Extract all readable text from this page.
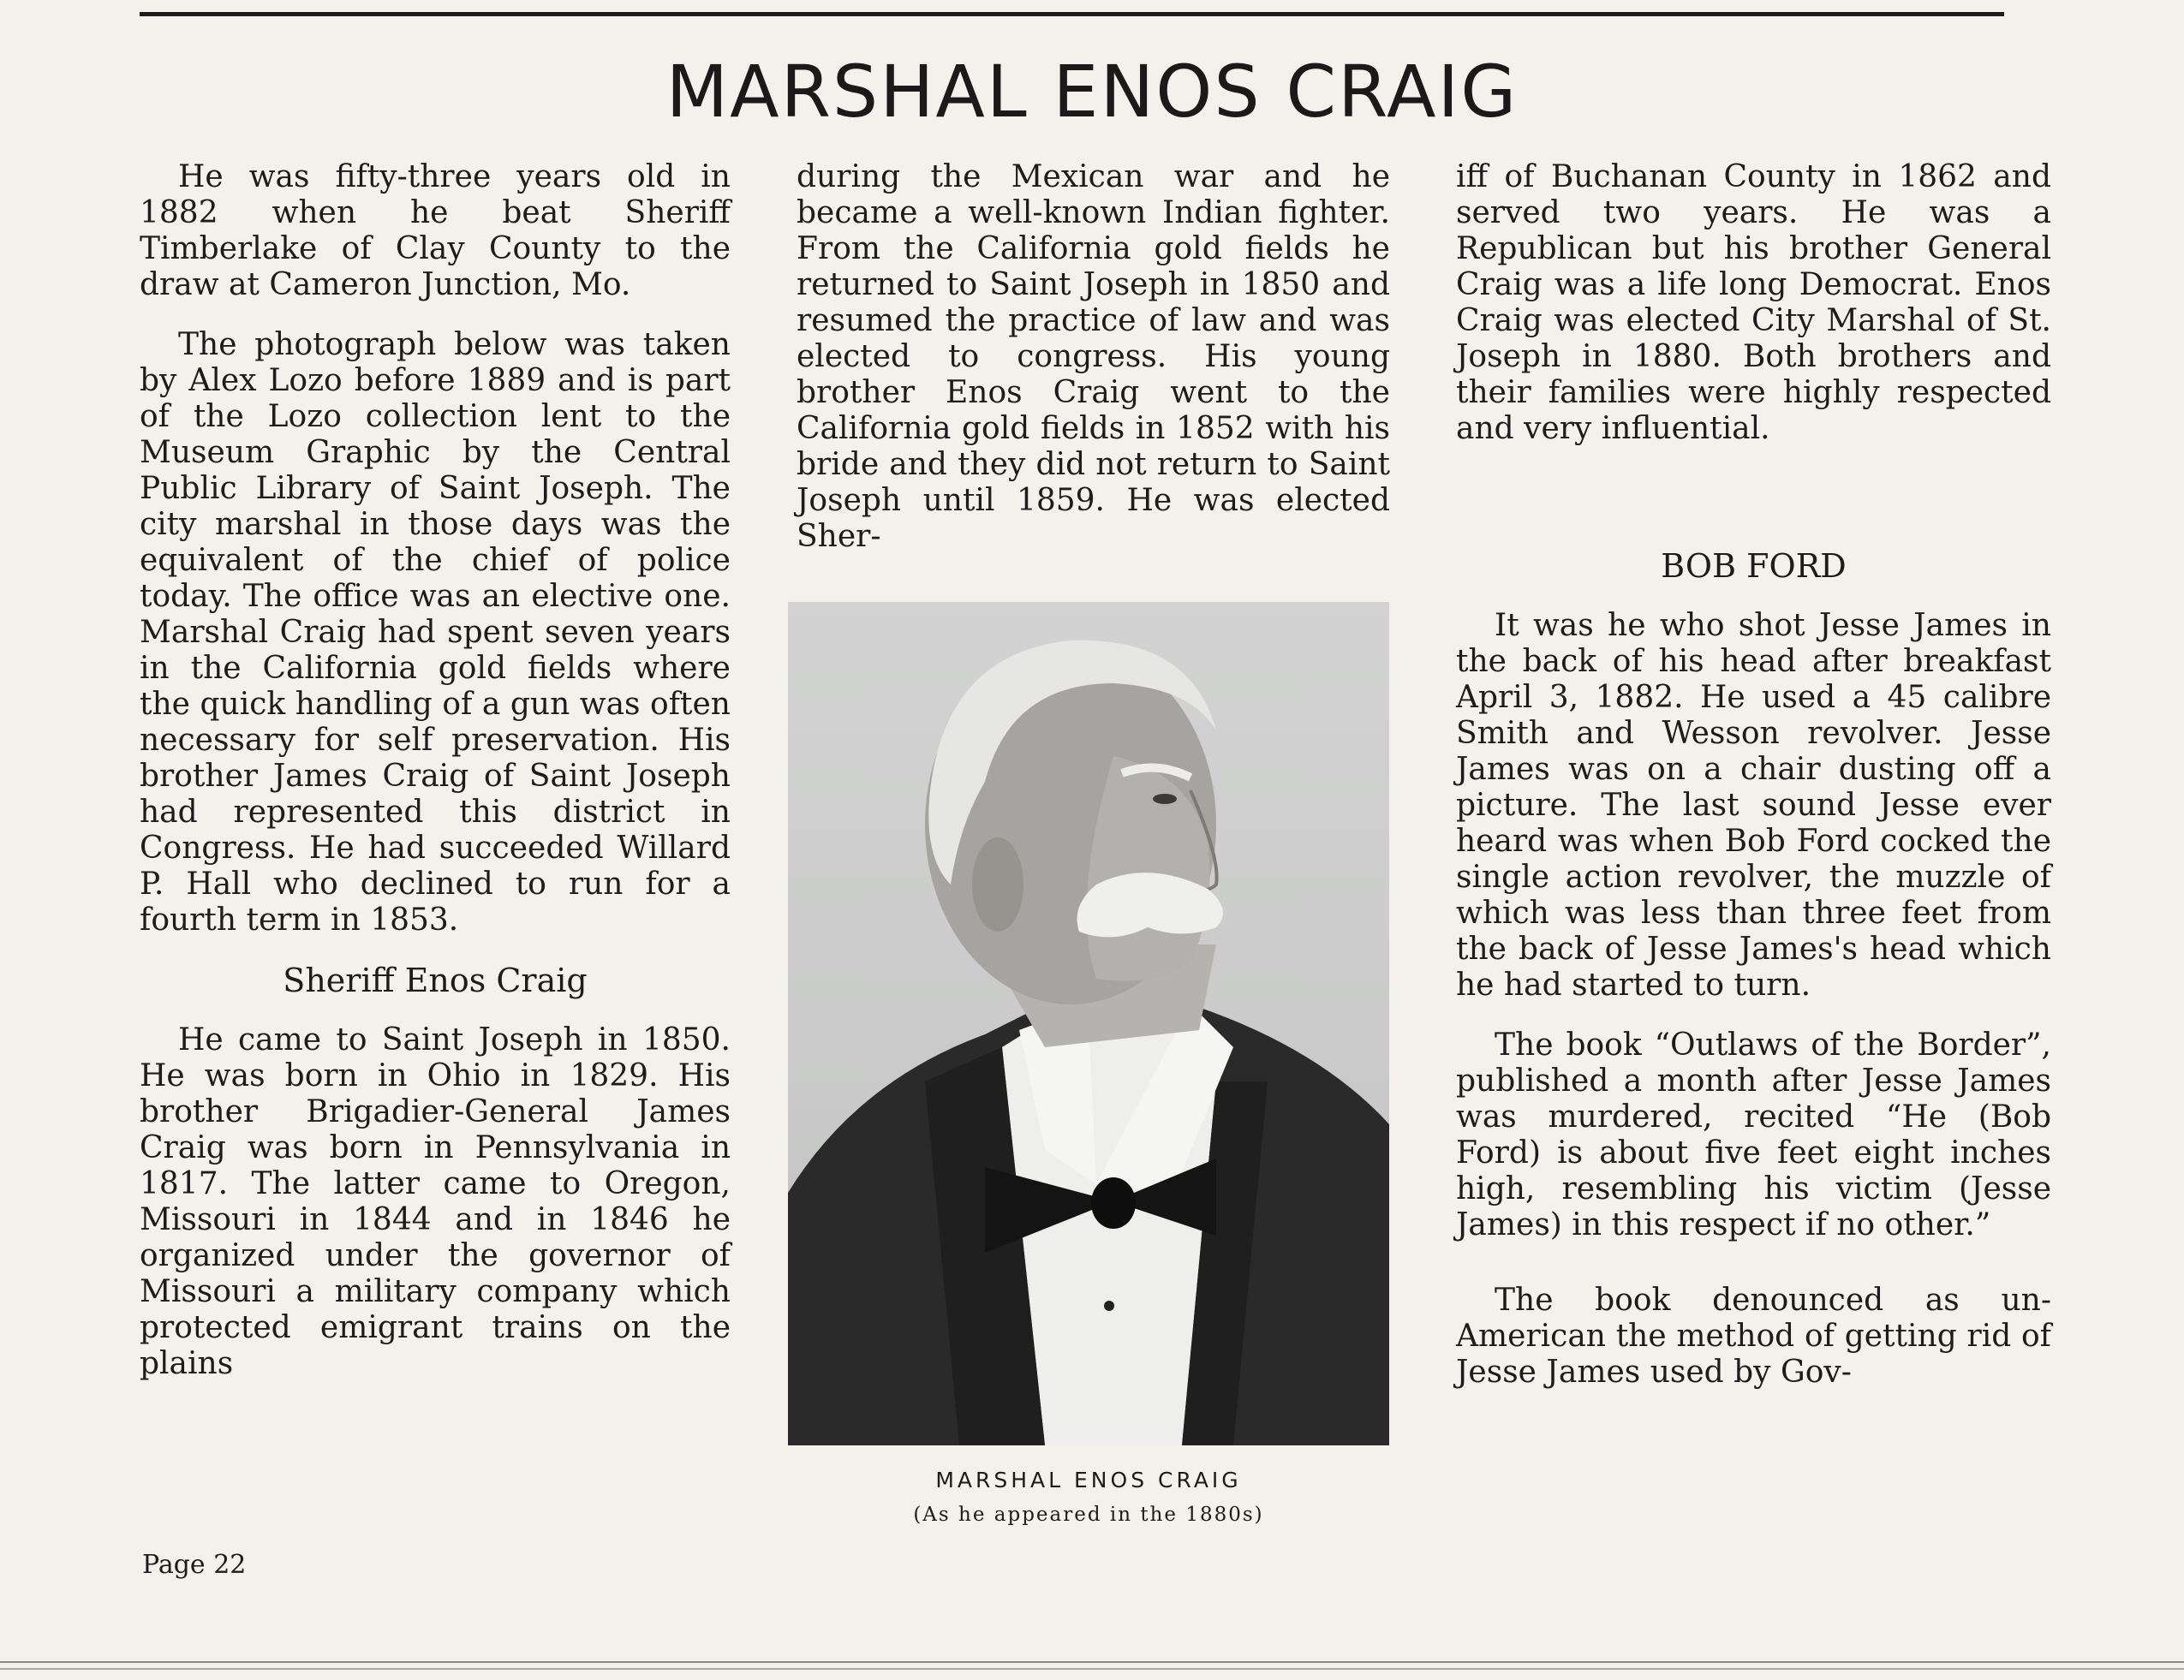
MARSHAL ENOS CRAIG

He was fifty-three years old in 1882 when he beat Sheriff Timberlake of Clay County to the draw at Cameron Junction, Mo.

The photograph below was taken by Alex Lozo before 1889 and is part of the Lozo collection lent to the Museum Graphic by the Central Public Library of Saint Joseph. The city marshal in those days was the equivalent of the chief of police today. The office was an elective one. Marshal Craig had spent seven years in the California gold fields where the quick handling of a gun was often necessary for self preservation. His brother James Craig of Saint Joseph had represented this district in Congress. He had succeeded Willard P. Hall who declined to run for a fourth term in 1853.

Sheriff Enos Craig

He came to Saint Joseph in 1850. He was born in Ohio in 1829. His brother Brigadier-General James Craig was born in Pennsylvania in 1817. The latter came to Oregon, Missouri in 1844 and in 1846 he organized under the governor of Missouri a military company which protected emigrant trains on the plains

during the Mexican war and he became a well-known Indian fighter. From the California gold fields he returned to Saint Joseph in 1850 and resumed the practice of law and was elected to congress. His young brother Enos Craig went to the California gold fields in 1852 with his bride and they did not return to Saint Joseph until 1859. He was elected Sher-

MARSHAL ENOS CRAIG

(As he appeared in the 1880s)

iff of Buchanan County in 1862 and served two years. He was a Republican but his brother General Craig was a life long Democrat. Enos Craig was elected City Marshal of St. Joseph in 1880. Both brothers and their families were highly respected and very influential.

BOB FORD

It was he who shot Jesse James in the back of his head after breakfast April 3, 1882. He used a 45 calibre Smith and Wesson revolver. Jesse James was on a chair dusting off a picture. The last sound Jesse ever heard was when Bob Ford cocked the single action revolver, the muzzle of which was less than three feet from the back of Jesse James's head which he had started to turn.

The book “Outlaws of the Border”, published a month after Jesse James was murdered, recited “He (Bob Ford) is about five feet eight inches high, resembling his victim (Jesse James) in this respect if no other.”

The book denounced as un-American the method of getting rid of Jesse James used by Gov-

Page 22
